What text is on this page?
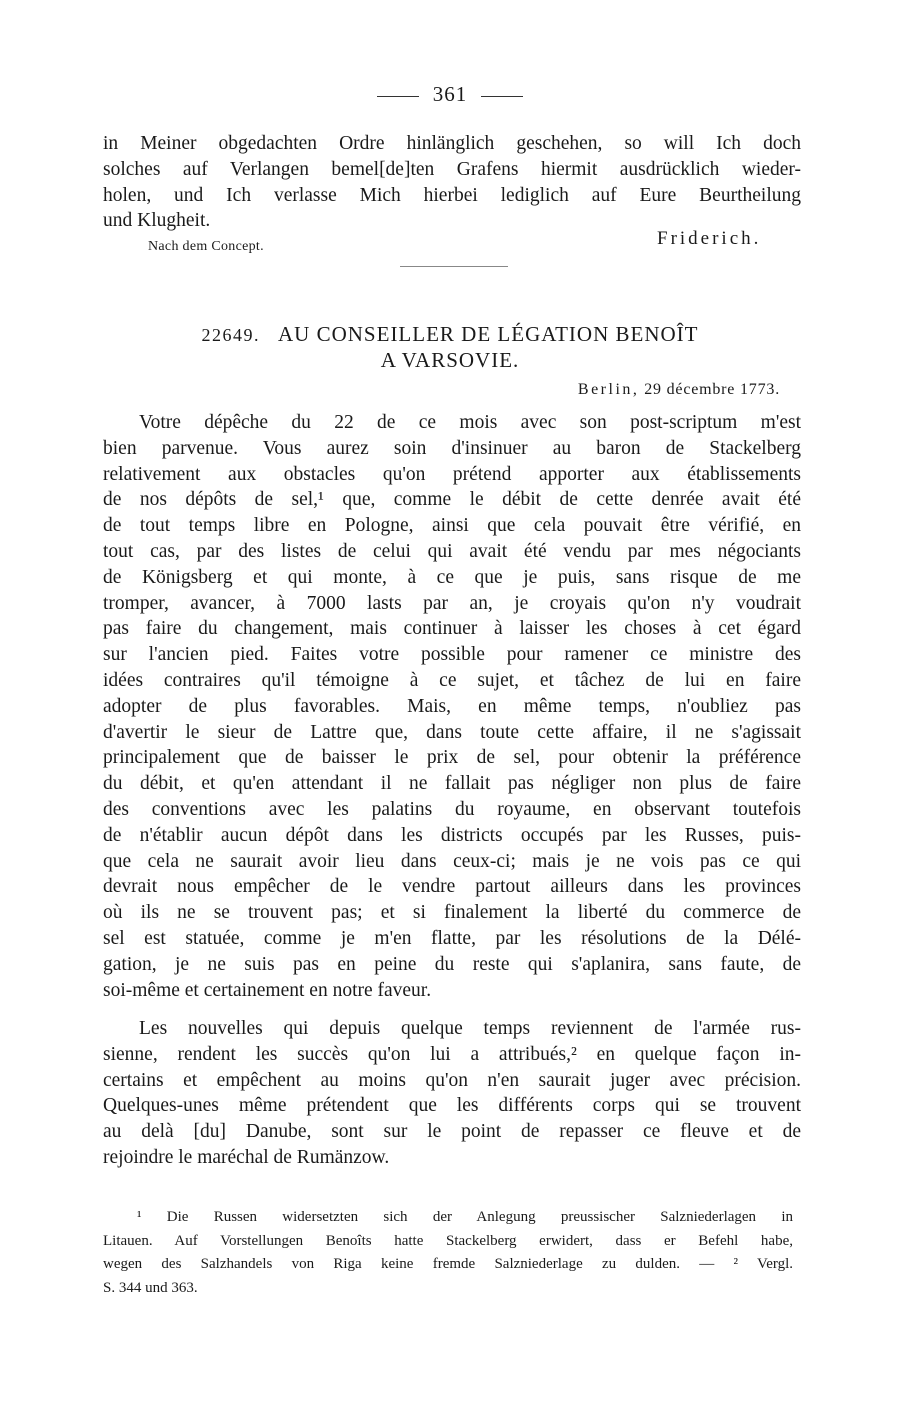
361
in Meiner obgedachten Ordre hinlänglich geschehen, so will Ich doch
solches auf Verlangen bemel[de]ten Grafens hiermit ausdrücklich wieder-
holen, und Ich verlasse Mich hierbei lediglich auf Eure Beurtheilung
und Klugheit.
Nach dem Concept.	Friderich.
22649. AU CONSEILLER DE LÉGATION BENOÎT
A VARSOVIE.
Berlin, 29 décembre 1773.
Votre dépêche du 22 de ce mois avec son post-scriptum m'est
bien parvenue. Vous aurez soin d'insinuer au baron de Stackelberg
relativement aux obstacles qu'on prétend apporter aux établissements
de nos dépôts de sel,¹ que, comme le débit de cette denrée avait été
de tout temps libre en Pologne, ainsi que cela pouvait être vérifié, en
tout cas, par des listes de celui qui avait été vendu par mes négociants
de Königsberg et qui monte, à ce que je puis, sans risque de me
tromper, avancer, à 7000 lasts par an, je croyais qu'on n'y voudrait
pas faire du changement, mais continuer à laisser les choses à cet égard
sur l'ancien pied. Faites votre possible pour ramener ce ministre des
idées contraires qu'il témoigne à ce sujet, et tâchez de lui en faire
adopter de plus favorables. Mais, en même temps, n'oubliez pas
d'avertir le sieur de Lattre que, dans toute cette affaire, il ne s'agissait
principalement que de baisser le prix de sel, pour obtenir la préférence
du débit, et qu'en attendant il ne fallait pas négliger non plus de faire
des conventions avec les palatins du royaume, en observant toutefois
de n'établir aucun dépôt dans les districts occupés par les Russes, puis-
que cela ne saurait avoir lieu dans ceux-ci; mais je ne vois pas ce qui
devrait nous empêcher de le vendre partout ailleurs dans les provinces
où ils ne se trouvent pas; et si finalement la liberté du commerce de
sel est statuée, comme je m'en flatte, par les résolutions de la Délé-
gation, je ne suis pas en peine du reste qui s'aplanira, sans faute, de
soi-même et certainement en notre faveur.
Les nouvelles qui depuis quelque temps reviennent de l'armée rus-
sienne, rendent les succès qu'on lui a attribués,² en quelque façon in-
certains et empêchent au moins qu'on n'en saurait juger avec précision.
Quelques-unes même prétendent que les différents corps qui se trouvent
au delà [du] Danube, sont sur le point de repasser ce fleuve et de
rejoindre le maréchal de Rumänzow.
¹ Die Russen widersetzten sich der Anlegung preussischer Salzniederlagen in
Litauen. Auf Vorstellungen Benoîts hatte Stackelberg erwidert, dass er Befehl habe,
wegen des Salzhandels von Riga keine fremde Salzniederlage zu dulden. — ² Vergl.
S. 344 und 363.
